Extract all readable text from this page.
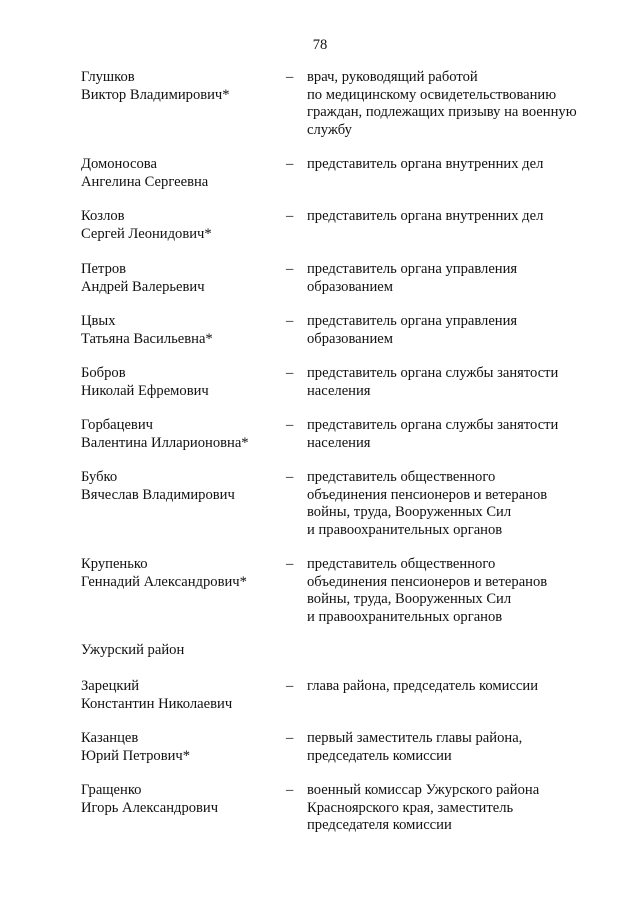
78
Глушков
Виктор Владимирович*
– врач, руководящий работой
по медицинскому освидетельствованию
граждан, подлежащих призыву на военную
службу
Домоносова
Ангелина Сергеевна
– представитель органа внутренних дел
Козлов
Сергей Леонидович*
– представитель органа внутренних дел
Петров
Андрей Валерьевич
– представитель органа управления
образованием
Цвых
Татьяна Васильевна*
– представитель органа управления
образованием
Бобров
Николай Ефремович
– представитель органа службы занятости
населения
Горбацевич
Валентина Илларионовна*
– представитель органа службы занятости
населения
Бубко
Вячеслав Владимирович
– представитель общественного
объединения пенсионеров и ветеранов
войны, труда, Вооруженных Сил
и правоохранительных органов
Крупенько
Геннадий Александрович*
– представитель общественного
объединения пенсионеров и ветеранов
войны, труда, Вооруженных Сил
и правоохранительных органов
Ужурский район
Зарецкий
Константин Николаевич
– глава района, председатель комиссии
Казанцев
Юрий Петрович*
– первый заместитель главы района,
председатель комиссии
Гращенко
Игорь Александрович
– военный комиссар Ужурского района
Красноярского края, заместитель
председателя комиссии
